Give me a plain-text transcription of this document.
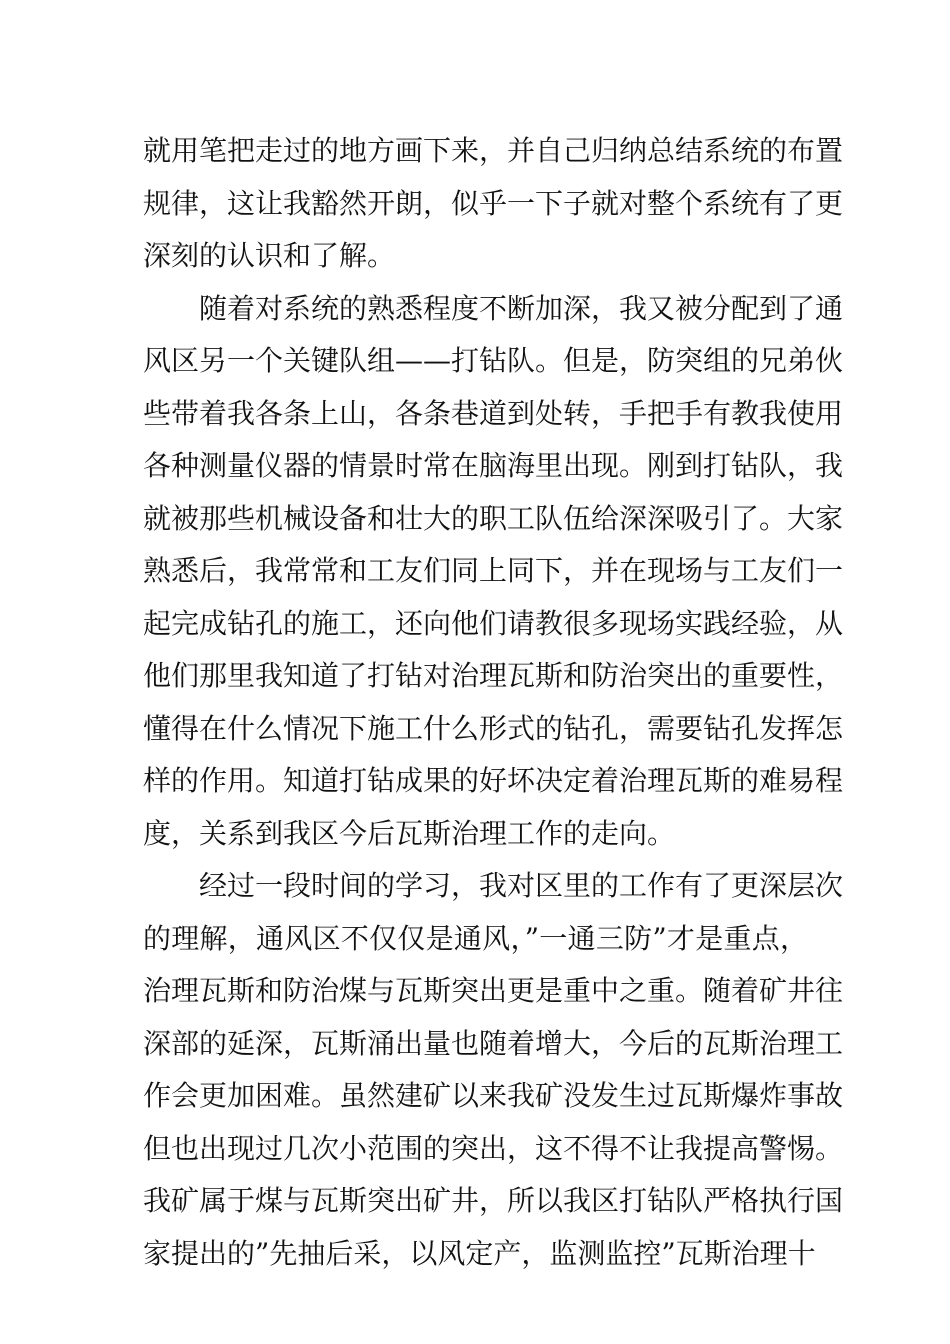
就用笔把走过的地方画下来，并自己归纳总结系统的布置
规律，这让我豁然开朗，似乎一下子就对整个系统有了更
深刻的认识和了解。
随着对系统的熟悉程度不断加深，我又被分配到了通
风区另一个关键队组——打钻队。但是，防突组的兄弟伙
些带着我各条上山，各条巷道到处转，手把手有教我使用
各种测量仪器的情景时常在脑海里出现。刚到打钻队，我
就被那些机械设备和壮大的职工队伍给深深吸引了。大家
熟悉后，我常常和工友们同上同下，并在现场与工友们一
起完成钻孔的施工，还向他们请教很多现场实践经验，从
他们那里我知道了打钻对治理瓦斯和防治突出的重要性，
懂得在什么情况下施工什么形式的钻孔，需要钻孔发挥怎
样的作用。知道打钻成果的好坏决定着治理瓦斯的难易程
度，关系到我区今后瓦斯治理工作的走向。
经过一段时间的学习，我对区里的工作有了更深层次
的理解，通风区不仅仅是通风，”一通三防”才是重点，
治理瓦斯和防治煤与瓦斯突出更是重中之重。随着矿井往
深部的延深，瓦斯涌出量也随着增大，今后的瓦斯治理工
作会更加困难。虽然建矿以来我矿没发生过瓦斯爆炸事故
但也出现过几次小范围的突出，这不得不让我提高警惕。
我矿属于煤与瓦斯突出矿井，所以我区打钻队严格执行国
家提出的”先抽后采，以风定产，监测监控”瓦斯治理十
